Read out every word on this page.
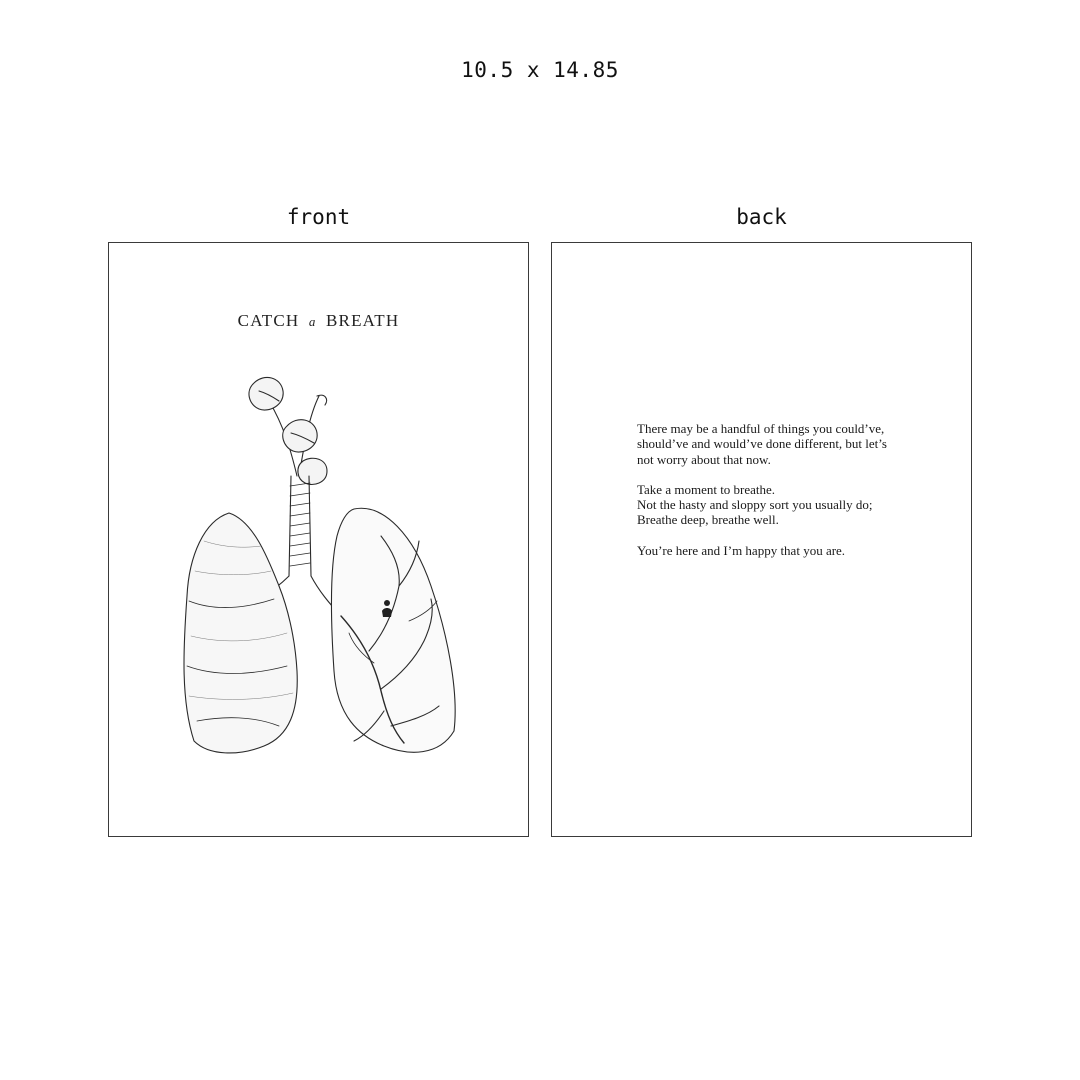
10.5 x 14.85
front	back
CATCH a BREATH

There may be a handful of things you could’ve,
should’ve and would’ve done different, but let’s
not worry about that now.

Take a moment to breathe.
Not the hasty and sloppy sort you usually do;
Breathe deep, breathe well.

You’re here and I’m happy that you are.
